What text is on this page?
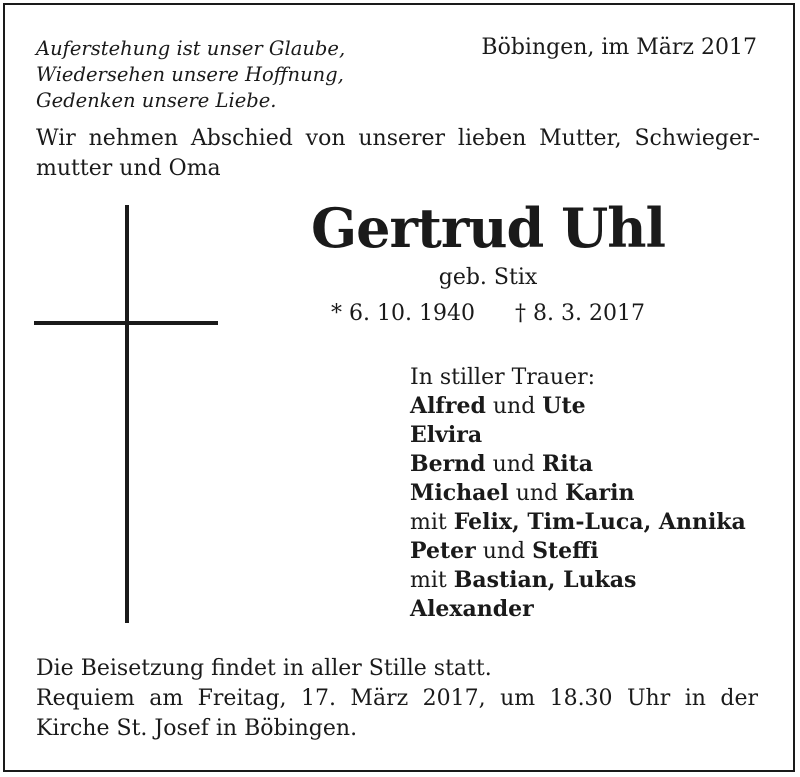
Auferstehung ist unser Glaube,
Wiedersehen unsere Hoffnung,
Gedenken unsere Liebe.
Böbingen, im März 2017
Wir nehmen Abschied von unserer lieben Mutter, Schwieger-
mutter und Oma
Gertrud Uhl
geb. Stix
* 6. 10. 1940 † 8. 3. 2017
In stiller Trauer:
Alfred und Ute
Elvira
Bernd und Rita
Michael und Karin
mit Felix, Tim-Luca, Annika
Peter und Steffi
mit Bastian, Lukas
Alexander
Die Beisetzung findet in aller Stille statt.
Requiem am Freitag, 17. März 2017, um 18.30 Uhr in der
Kirche St. Josef in Böbingen.
